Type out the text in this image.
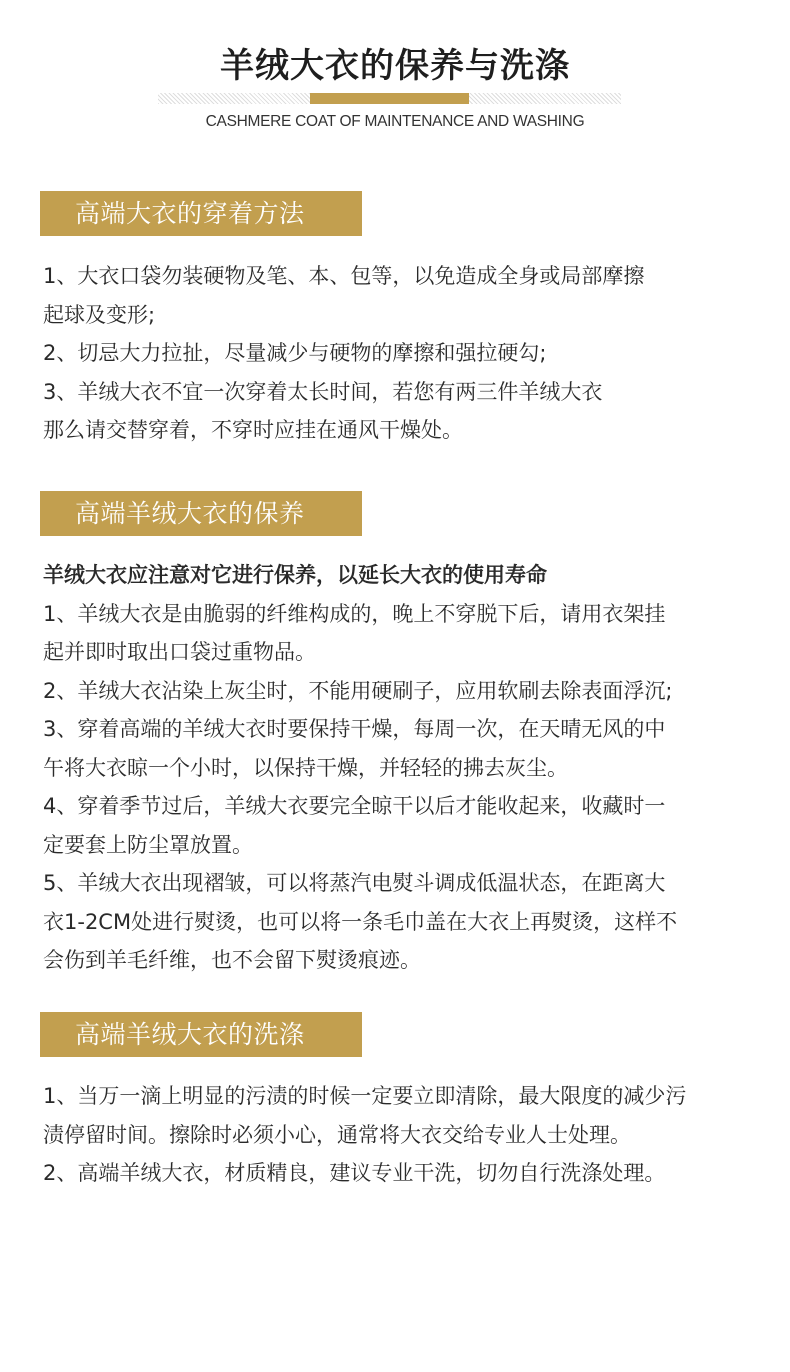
羊绒大衣的保养与洗涤
CASHMERE COAT OF MAINTENANCE AND WASHING
高端大衣的穿着方法

1、大衣口袋勿装硬物及笔、本、包等，以免造成全身或局部摩擦

起球及变形;

2、切忌大力拉扯，尽量减少与硬物的摩擦和强拉硬勾;

3、羊绒大衣不宜一次穿着太长时间，若您有两三件羊绒大衣

那么请交替穿着，不穿时应挂在通风干燥处。

高端羊绒大衣的保养

羊绒大衣应注意对它进行保养，以延长大衣的使用寿命

1、羊绒大衣是由脆弱的纤维构成的，晚上不穿脱下后，请用衣架挂

起并即时取出口袋过重物品。

2、羊绒大衣沾染上灰尘时，不能用硬刷子，应用软刷去除表面浮沉;

3、穿着高端的羊绒大衣时要保持干燥，每周一次，在天晴无风的中

午将大衣晾一个小时，以保持干燥，并轻轻的拂去灰尘。

4、穿着季节过后，羊绒大衣要完全晾干以后才能收起来，收藏时一

定要套上防尘罩放置。

5、羊绒大衣出现褶皱，可以将蒸汽电熨斗调成低温状态，在距离大

衣1-2CM处进行熨烫，也可以将一条毛巾盖在大衣上再熨烫，这样不

会伤到羊毛纤维，也不会留下熨烫痕迹。

高端羊绒大衣的洗涤

1、当万一滴上明显的污渍的时候一定要立即清除，最大限度的减少污

渍停留时间。擦除时必须小心，通常将大衣交给专业人士处理。

2、高端羊绒大衣，材质精良，建议专业干洗，切勿自行洗涤处理。
